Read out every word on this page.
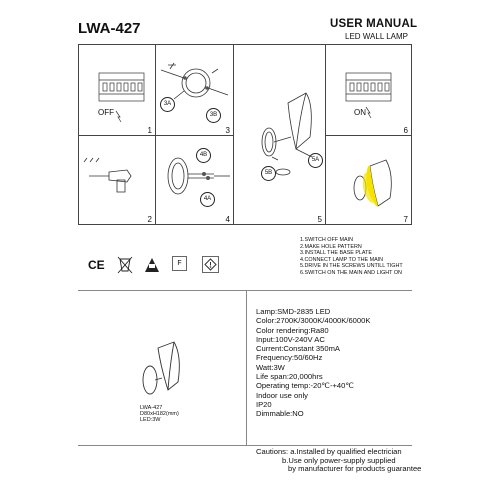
LWA-427	USER MANUAL
LED WALL LAMP
OFF
1
3A
3B
3
5A
5B
5
ON
6
2
4B
4A
4	7
CE	F
1.SWITCH OFF MAIN
2.MAKE HOLE PATTERN
3.INSTALL THE BASE PLATE
4.CONNECT LAMP TO THE MAIN
5.DRIVE IN THE SCREWS UNTILL TIGHT
6.SWITCH ON THE MAIN AND LIGHT ON
LWA-427
D80xH182(mm)
LED:3W
Lamp:SMD-2835 LED
Color:2700K/3000K/4000K/6000K
Color rendering:Ra80
Input:100V-240V AC
Current:Constant 350mA
Frequency:50/60Hz
Watt:3W
Life span:20,000hrs
Operating temp:-20℃-+40℃
Indoor use only
IP20
Dimmable:NO
Cautions: a.Installed by qualified electrician
b.Use only power-supply supplied
by manufacturer for products guarantee
